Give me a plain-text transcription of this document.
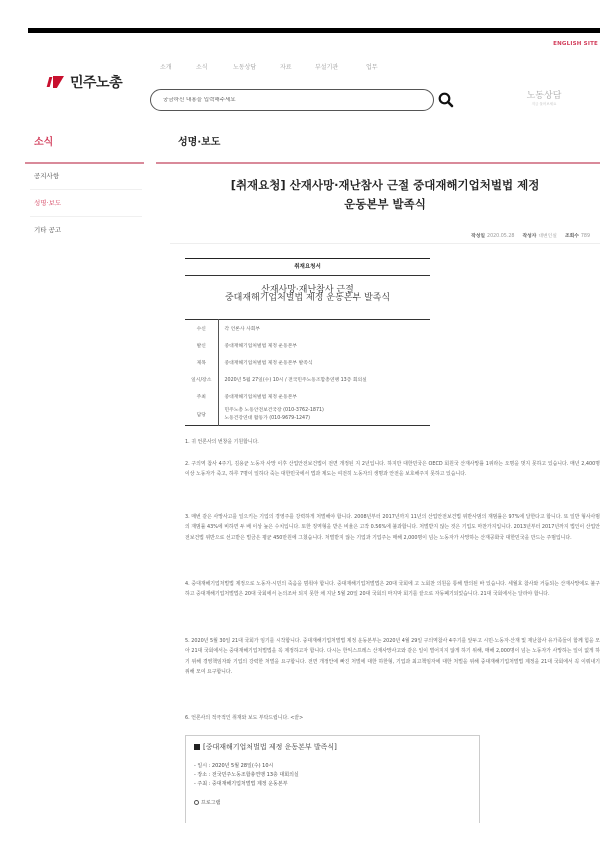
ENGLISH SITE
민주노총
소개	소식	노동상담	자료	부설기관	업무
궁금하신 내용을 입력해주세요
노동상담
지금 물어보세요
소식
공지사항
성명·보도
기타 공고
성명·보도
[취재요청] 산재사망·재난참사 근절 중대재해기업처벌법 제정
운동본부 발족식
작성일 2020.05.28 작성자 대변인실 조회수 789
취재요청서
산재사망·재난참사 근절
중대재해기업처벌법 제정 운동본부 발족식
수신	각 언론사 사회부
발신	중대재해기업처벌법 제정 운동본부
제목	중대재해기업처벌법 제정 운동본부 발족식
일시/장소	2020년 5월 27일(수) 10시 / 전국민주노동조합총연맹 13층 회의실
주최	중대재해기업처벌법 제정 운동본부
담당	민주노총 노동안전보건국장 (010-3762-1871)
노동건강연대 활동가 (010-9679-1247)

1. 귀 언론사의 번창을 기원합니다.

2. 구의역 참사 4주기, 김용균 노동자 사망 이후 산업안전보건법이 전면 개정된 지 2년입니다. 하지만 대한민국은 OECD 회원국 산재사망률 1위라는 오명을 벗지 못하고 있습니다. 매년 2,400명 이상 노동자가 죽고, 하루 7명이 일하다 죽는 대한민국에서 법과 제도는 여전히 노동자의 생명과 안전을 보호해주지 못하고 있습니다.

3. 매번 같은 사망사고를 일으키는 기업의 경영주를 강력하게 처벌해야 합니다. 2008년부터 2017년까지 11년의 산업안전보건법 위반사범의 재범률은 97%에 달한다고 합니다. 또 일반 형사사범의 재범률 43%에 비하면 두 배 이상 높은 수치입니다. 또한 징역형을 받은 비율은 고작 0.56%에 불과합니다. 처벌받지 않는 것은 기업도 마찬가지입니다. 2013년부터 2017년까지 법인이 산업안전보건법 위반으로 선고받은 벌금은 평균 450만원에 그쳤습니다. 처벌받지 않는 기업과 기업주는 매해 2,000명이 넘는 노동자가 사망하는 산재공화국 대한민국을 만드는 주범입니다.

4. 중대재해기업처벌법 제정으로 노동자·시민의 죽음을 멈춰야 합니다. 중대재해기업처벌법은 20대 국회에 고 노회찬 의원을 통해 발의된 바 있습니다. 세월호 참사와 거듭되는 산재사망에도 불구하고 중대재해기업처벌법은 20대 국회에서 논의조차 되지 못한 채 지난 5월 20일 20대 국회의 마지막 회기를 끝으로 자동폐기되었습니다. 21대 국회에서는 달라야 합니다.

5. 2020년 5월 30일 21대 국회가 임기를 시작합니다. 중대재해기업처벌법 제정 운동본부는 2020년 4월 29일 구의역참사 4주기를 앞두고 시민·노동자·산재 및 재난참사 유가족들이 함께 힘을 모아 21대 국회에서는 중대재해기업처벌법을 꼭 제정하고자 합니다. 다시는 한익스프레스 산재사망사고와 같은 일이 벌어지지 않게 하기 위해, 매해 2,000명이 넘는 노동자가 사망하는 일이 없게 하기 위해 경영책임자와 기업의 강력한 처벌을 요구합니다. 전면 개정안에 빠진 처벌에 대한 하한형, 기업과 최고책임자에 대한 처벌을 위해 중대재해기업처벌법 제정을 21대 국회에서 꼭 이뤄내기 위해 모여 요구합니다.

6. 언론사의 적극적인 취재와 보도 부탁드립니다. <끝>

[중대재해기업처벌법 제정 운동본부 발족식]
- 일시 : 2020년 5월 28일(수) 10시
- 장소 : 전국민주노동조합총연맹 13층 대회의실
- 주최 : 중대재해기업처벌법 제정 운동본부
프로그램
